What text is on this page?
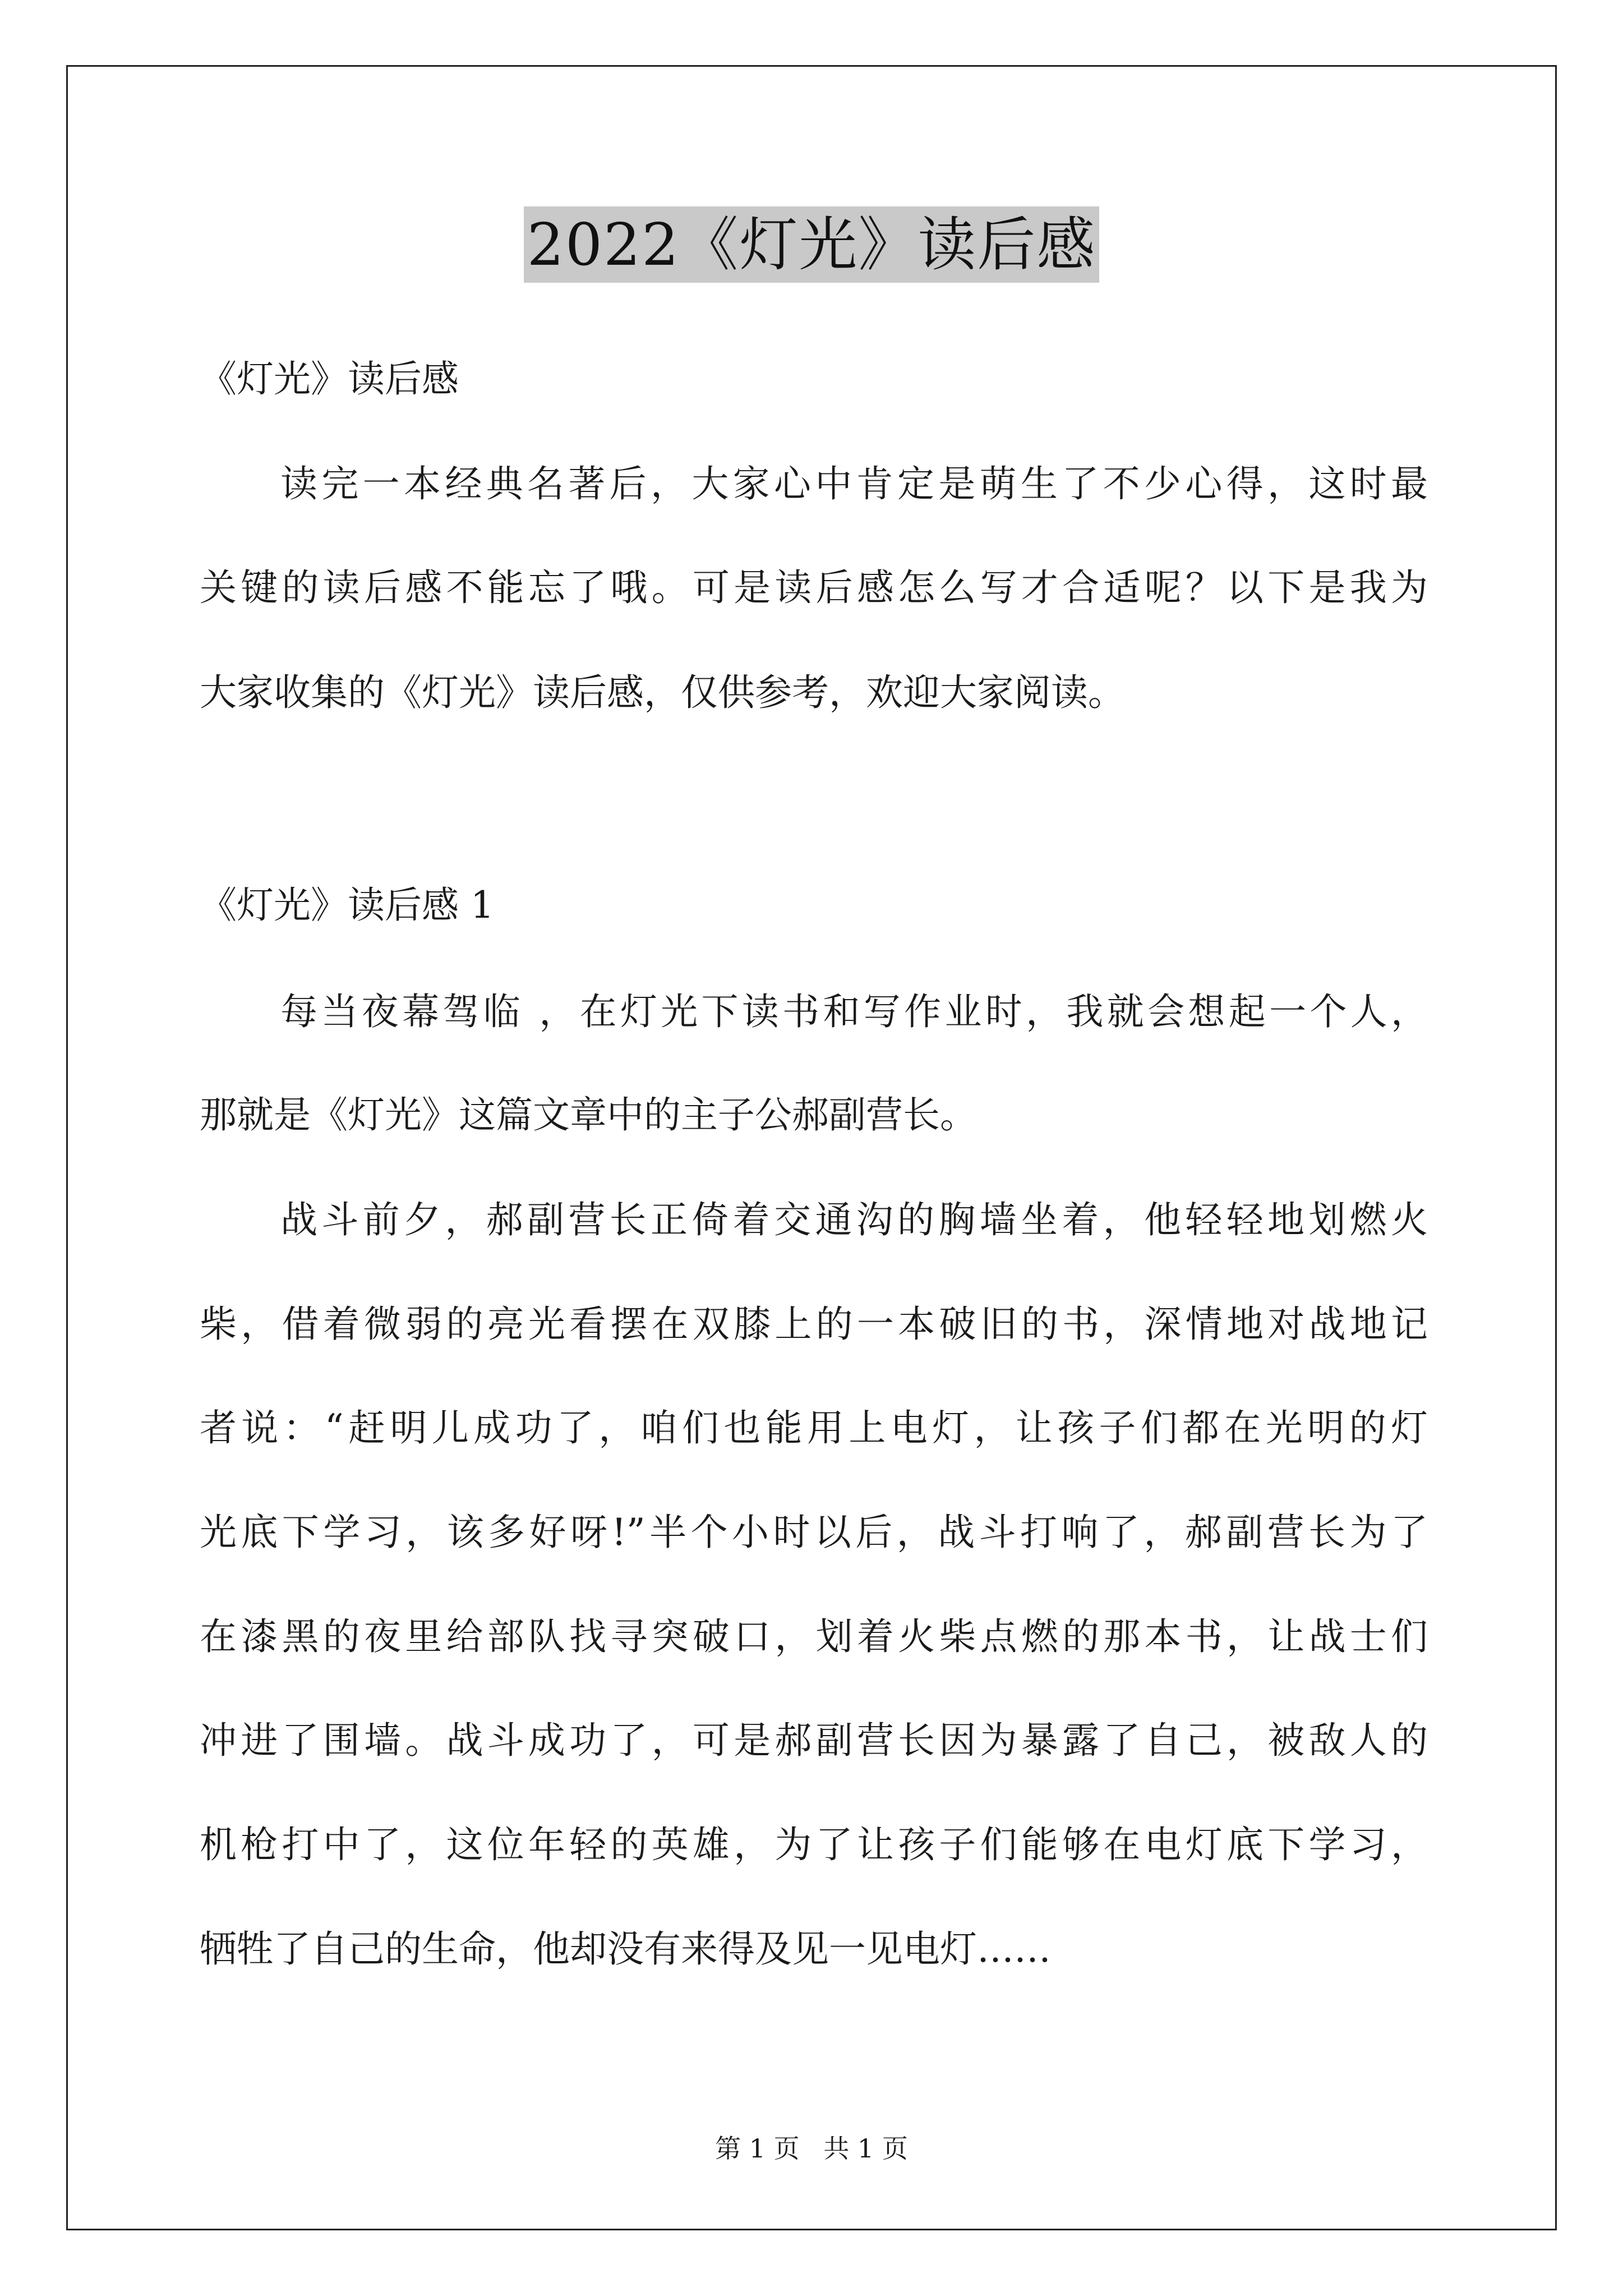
2022《灯光》读后感
《灯光》读后感
读完一本经典名著后，大家心中肯定是萌生了不少心得，这时最
关键的读后感不能忘了哦。可是读后感怎么写才合适呢？以下是我为
大家收集的《灯光》读后感，仅供参考，欢迎大家阅读。
《灯光》读后感 1
每当夜幕驾临 ，在灯光下读书和写作业时，我就会想起一个人，
那就是《灯光》这篇文章中的主子公郝副营长。
战斗前夕，郝副营长正倚着交通沟的胸墙坐着，他轻轻地划燃火
柴，借着微弱的亮光看摆在双膝上的一本破旧的书，深情地对战地记
者说：“赶明儿成功了，咱们也能用上电灯，让孩子们都在光明的灯
光底下学习，该多好呀!”半个小时以后，战斗打响了，郝副营长为了
在漆黑的夜里给部队找寻突破口，划着火柴点燃的那本书，让战士们
冲进了围墙。战斗成功了，可是郝副营长因为暴露了自己，被敌人的
机枪打中了，这位年轻的英雄，为了让孩子们能够在电灯底下学习，
牺牲了自己的生命，他却没有来得及见一见电灯……
第 1 页 共 1 页
